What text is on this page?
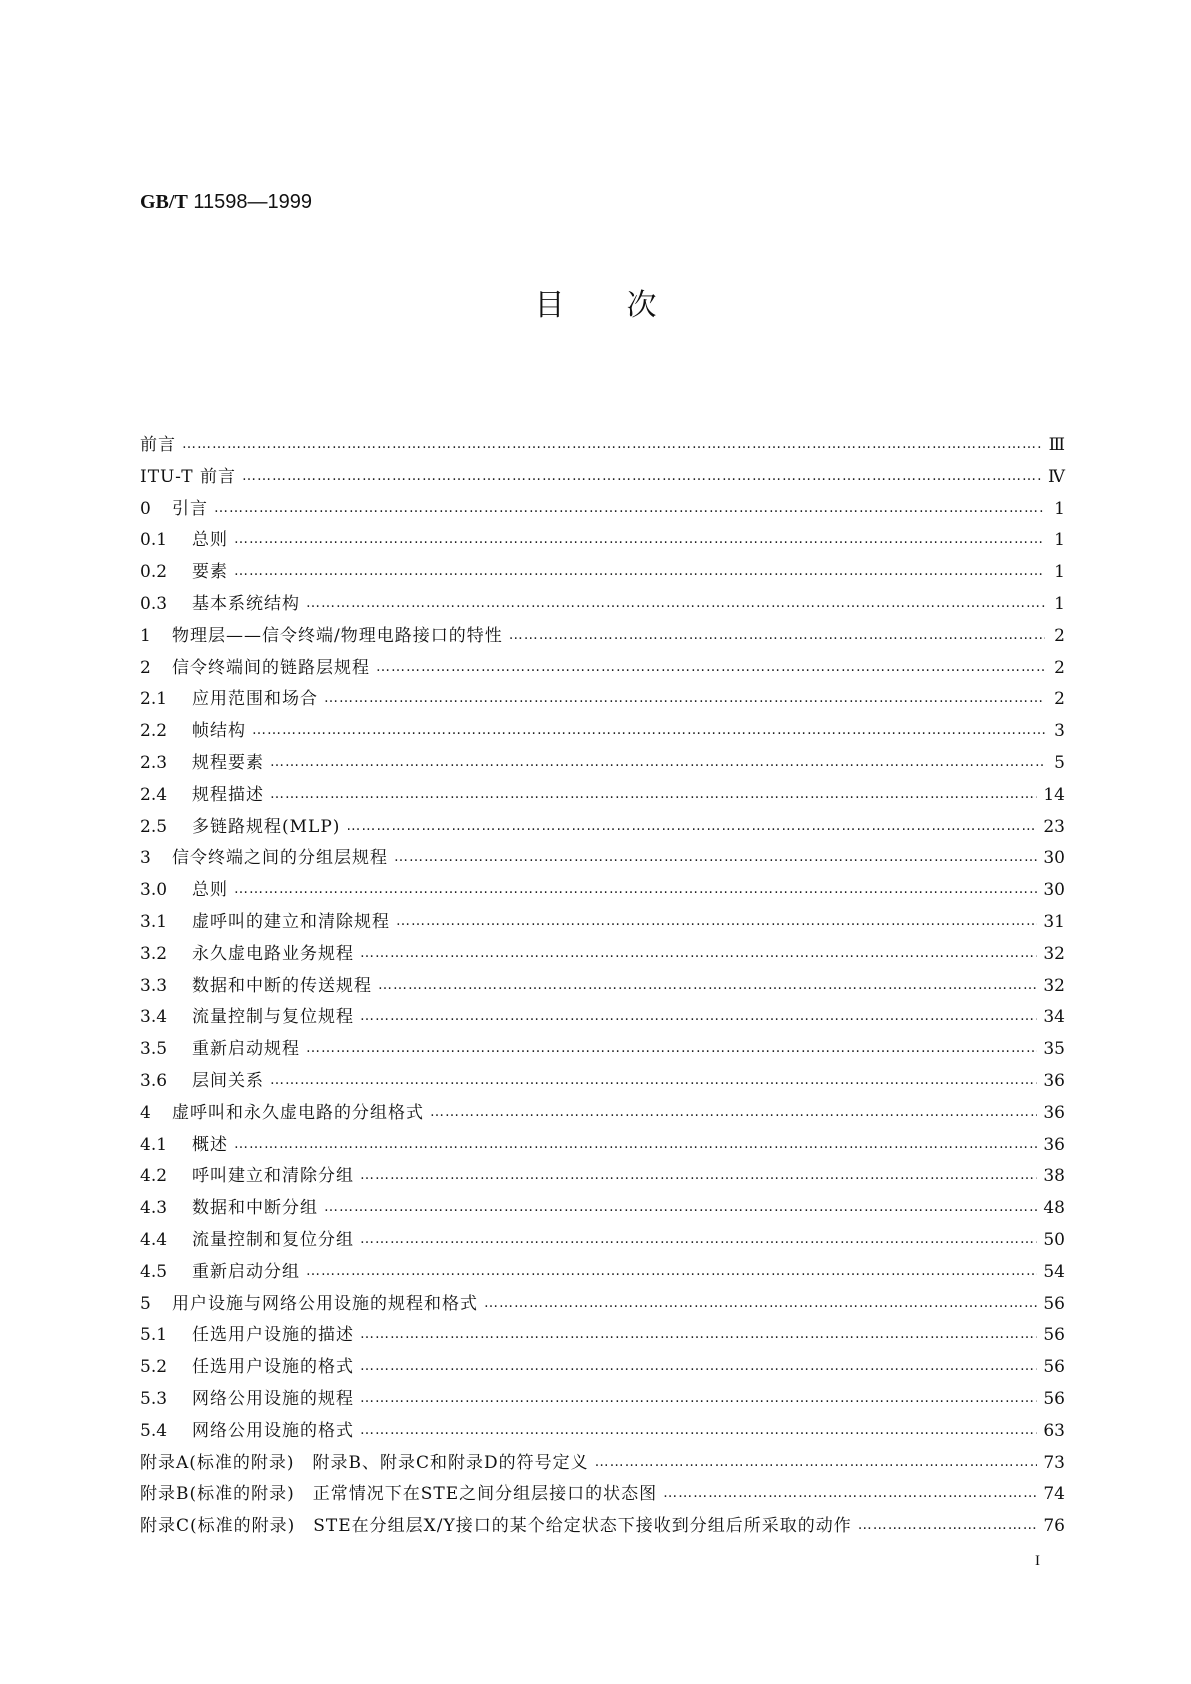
GB/T 11598—1999
目次
前言 …………………………………………………………………………………………………………………………………………………………………………………………………………………………………………	Ⅲ
ITU-T 前言 …………………………………………………………………………………………………………………………………………………………………………………………………………………………………………	Ⅳ
0	引言 …………………………………………………………………………………………………………………………………………………………………………………………………………………………………………	1
0.1	总则 …………………………………………………………………………………………………………………………………………………………………………………………………………………………………………	1
0.2	要素 …………………………………………………………………………………………………………………………………………………………………………………………………………………………………………	1
0.3	基本系统结构 …………………………………………………………………………………………………………………………………………………………………………………………………………………………………………	1
1	物理层——信令终端/物理电路接口的特性 …………………………………………………………………………………………………………………………………………………………………………………………………………………………………………	2
2	信令终端间的链路层规程 …………………………………………………………………………………………………………………………………………………………………………………………………………………………………………	2
2.1	应用范围和场合 …………………………………………………………………………………………………………………………………………………………………………………………………………………………………………	2
2.2	帧结构 …………………………………………………………………………………………………………………………………………………………………………………………………………………………………………	3
2.3	规程要素 …………………………………………………………………………………………………………………………………………………………………………………………………………………………………………	5
2.4	规程描述 …………………………………………………………………………………………………………………………………………………………………………………………………………………………………………	14
2.5	多链路规程(MLP) …………………………………………………………………………………………………………………………………………………………………………………………………………………………………………	23
3	信令终端之间的分组层规程 …………………………………………………………………………………………………………………………………………………………………………………………………………………………………………	30
3.0	总则 …………………………………………………………………………………………………………………………………………………………………………………………………………………………………………	30
3.1	虚呼叫的建立和清除规程 …………………………………………………………………………………………………………………………………………………………………………………………………………………………………………	31
3.2	永久虚电路业务规程 …………………………………………………………………………………………………………………………………………………………………………………………………………………………………………	32
3.3	数据和中断的传送规程 …………………………………………………………………………………………………………………………………………………………………………………………………………………………………………	32
3.4	流量控制与复位规程 …………………………………………………………………………………………………………………………………………………………………………………………………………………………………………	34
3.5	重新启动规程 …………………………………………………………………………………………………………………………………………………………………………………………………………………………………………	35
3.6	层间关系 …………………………………………………………………………………………………………………………………………………………………………………………………………………………………………	36
4	虚呼叫和永久虚电路的分组格式 …………………………………………………………………………………………………………………………………………………………………………………………………………………………………………	36
4.1	概述 …………………………………………………………………………………………………………………………………………………………………………………………………………………………………………	36
4.2	呼叫建立和清除分组 …………………………………………………………………………………………………………………………………………………………………………………………………………………………………………	38
4.3	数据和中断分组 …………………………………………………………………………………………………………………………………………………………………………………………………………………………………………	48
4.4	流量控制和复位分组 …………………………………………………………………………………………………………………………………………………………………………………………………………………………………………	50
4.5	重新启动分组 …………………………………………………………………………………………………………………………………………………………………………………………………………………………………………	54
5	用户设施与网络公用设施的规程和格式 …………………………………………………………………………………………………………………………………………………………………………………………………………………………………………	56
5.1	任选用户设施的描述 …………………………………………………………………………………………………………………………………………………………………………………………………………………………………………	56
5.2	任选用户设施的格式 …………………………………………………………………………………………………………………………………………………………………………………………………………………………………………	56
5.3	网络公用设施的规程 …………………………………………………………………………………………………………………………………………………………………………………………………………………………………………	56
5.4	网络公用设施的格式 …………………………………………………………………………………………………………………………………………………………………………………………………………………………………………	63
附录A(标准的附录)　附录B、附录C和附录D的符号定义 …………………………………………………………………………………………………………………………………………………………………………………………………………………………………………	73
附录B(标准的附录)　正常情况下在STE之间分组层接口的状态图 …………………………………………………………………………………………………………………………………………………………………………………………………………………………………………	74
附录C(标准的附录)　STE在分组层X/Y接口的某个给定状态下接收到分组后所采取的动作 …………………………………………………………………………………………………………………………………………………………………………………………………………………………………………	76
I
